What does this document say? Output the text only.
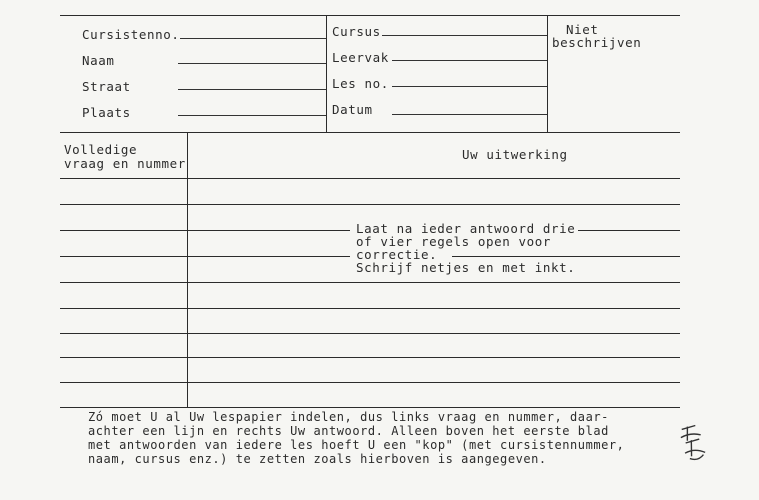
Cursistenno.
Naam
Straat
Plaats
Cursus
Leervak
Les no.
Datum
Niet
beschrijven
Volledige
vraag en nummer
Uw uitwerking
Laat na ieder antwoord drie
of vier regels open voor
correctie.
Schrijf netjes en met inkt.
Zó moet U al Uw lespapier indelen, dus links vraag en nummer, daar-
achter een lijn en rechts Uw antwoord. Alleen boven het eerste blad
met antwoorden van iedere les hoeft U een "kop" (met cursistennummer,
naam, cursus enz.) te zetten zoals hierboven is aangegeven.
